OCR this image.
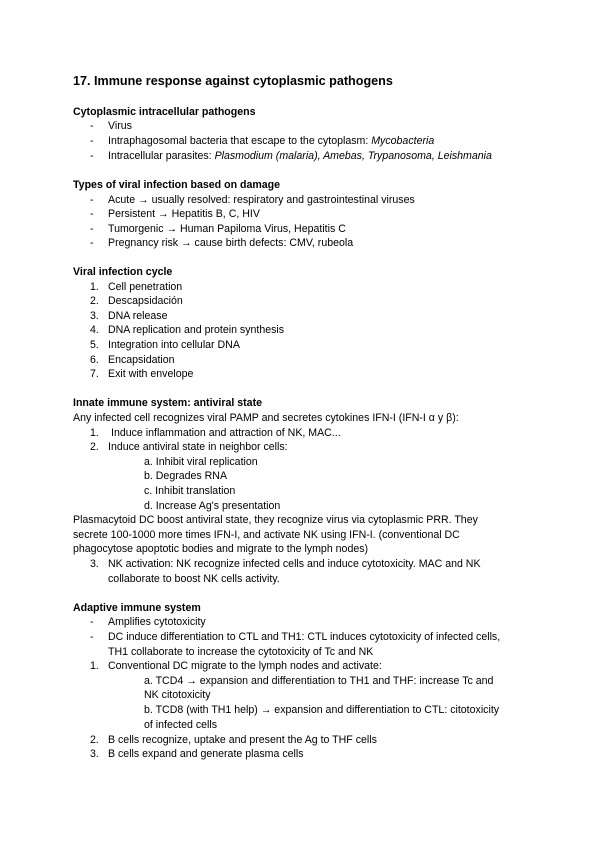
17. Immune response against cytoplasmic pathogens
Cytoplasmic intracellular pathogens
- Virus
- Intraphagosomal bacteria that escape to the cytoplasm: Mycobacteria
- Intracellular parasites: Plasmodium (malaria), Amebas, Trypanosoma, Leishmania
Types of viral infection based on damage
- Acute → usually resolved: respiratory and gastrointestinal viruses
- Persistent → Hepatitis B, C, HIV
- Tumorgenic → Human Papiloma Virus, Hepatitis C
- Pregnancy risk → cause birth defects: CMV, rubeola
Viral infection cycle
1. Cell penetration
2. Descapsidación
3. DNA release
4. DNA replication and protein synthesis
5. Integration into cellular DNA
6. Encapsidation
7. Exit with envelope
Innate immune system: antiviral state
Any infected cell recognizes viral PAMP and secretes cytokines IFN-I (IFN-I α y β):
1. Induce inflammation and attraction of NK, MAC...
2. Induce antiviral state in neighbor cells:
a. Inhibit viral replication
b. Degrades RNA
c. Inhibit translation
d. Increase Ag's presentation
Plasmacytoid DC boost antiviral state, they recognize virus via cytoplasmic PRR. They
secrete 100-1000 more times IFN-I, and activate NK using IFN-I. (conventional DC
phagocytose apoptotic bodies and migrate to the lymph nodes)
3. NK activation: NK recognize infected cells and induce cytotoxicity. MAC and NK
collaborate to boost NK cells activity.
Adaptive immune system
- Amplifies cytotoxicity
- DC induce differentiation to CTL and TH1: CTL induces cytotoxicity of infected cells,
TH1 collaborate to increase the cytotoxicity of Tc and NK
1. Conventional DC migrate to the lymph nodes and activate:
a. TCD4 → expansion and differentiation to TH1 and THF: increase Tc and
NK citotoxicity
b. TCD8 (with TH1 help) → expansion and differentiation to CTL: citotoxicity
of infected cells
2. B cells recognize, uptake and present the Ag to THF cells
3. B cells expand and generate plasma cells
